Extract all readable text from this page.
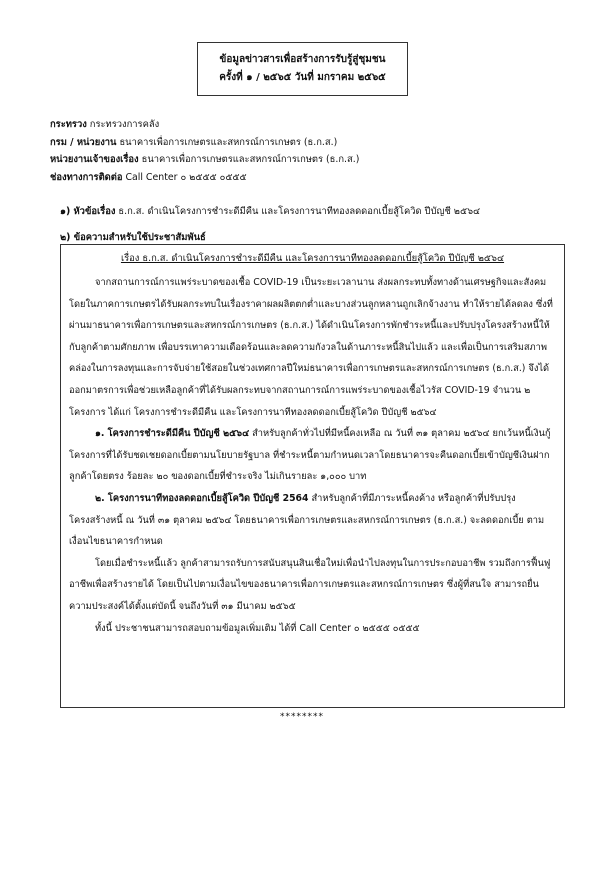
ข้อมูลข่าวสารเพื่อสร้างการรับรู้สู่ชุมชน
ครั้งที่ ๑ / ๒๕๖๕ วันที่ มกราคม ๒๕๖๕
กระทรวง กระทรวงการคลัง
กรม / หน่วยงาน ธนาคารเพื่อการเกษตรและสหกรณ์การเกษตร (ธ.ก.ส.)
หน่วยงานเจ้าของเรื่อง ธนาคารเพื่อการเกษตรและสหกรณ์การเกษตร (ธ.ก.ส.)
ช่องทางการติดต่อ Call Center ๐ ๒๕๕๕ ๐๕๕๕
๑) หัวข้อเรื่อง ธ.ก.ส. ดำเนินโครงการชำระดีมีคืน และโครงการนาทีทองลดดอกเบี้ยสู้โควิด ปีบัญชี ๒๕๖๔
๒) ข้อความสำหรับใช้ประชาสัมพันธ์
เรื่อง ธ.ก.ส. ดำเนินโครงการชำระดีมีคืน และโครงการนาทีทองลดดอกเบี้ยสู้โควิด ปีบัญชี ๒๕๖๔

จากสถานการณ์การแพร่ระบาดของเชื้อ COVID-19 เป็นระยะเวลานาน ส่งผลกระทบทั้งทางด้านเศรษฐกิจและสังคม โดยในภาคการเกษตรได้รับผลกระทบในเรื่องราคาผลผลิตตกต่ำและบางส่วนลูกหลานถูกเลิกจ้างงาน ทำให้รายได้ลดลง ซึ่งที่ผ่านมาธนาคารเพื่อการเกษตรและสหกรณ์การเกษตร (ธ.ก.ส.) ได้ดำเนินโครงการพักชำระหนี้และปรับปรุงโครงสร้างหนี้ให้กับลูกค้าตามศักยภาพ เพื่อบรรเทาความเดือดร้อนและลดความกังวลในด้านภาระหนี้สินไปแล้ว และเพื่อเป็นการเสริมสภาพคล่องในการลงทุนและการจับจ่ายใช้สอยในช่วงเทศกาลปีใหม่ธนาคารเพื่อการเกษตรและสหกรณ์การเกษตร (ธ.ก.ส.) จึงได้ออกมาตรการเพื่อช่วยเหลือลูกค้าที่ได้รับผลกระทบจากสถานการณ์การแพร่ระบาดของเชื้อไวรัส COVID-19 จำนวน ๒ โครงการ ได้แก่ โครงการชำระดีมีคืน และโครงการนาทีทองลดดอกเบี้ยสู้โควิด ปีบัญชี ๒๕๖๔

๑. โครงการชำระดีมีคืน ปีบัญชี ๒๕๖๔ สำหรับลูกค้าทั่วไปที่มีหนี้คงเหลือ ณ วันที่ ๓๑ ตุลาคม ๒๕๖๔ ยกเว้นหนี้เงินกู้โครงการที่ได้รับชดเชยดอกเบี้ยตามนโยบายรัฐบาล ที่ชำระหนี้ตามกำหนดเวลาโดยธนาคารจะคืนดอกเบี้ยเข้าบัญชีเงินฝากลูกค้าโดยตรง ร้อยละ ๒๐ ของดอกเบี้ยที่ชำระจริง ไม่เกินรายละ ๑,๐๐๐ บาท

๒. โครงการนาทีทองลดดอกเบี้ยสู้โควิด ปีบัญชี 2564 สำหรับลูกค้าที่มีภาระหนี้คงค้าง หรือลูกค้าที่ปรับปรุงโครงสร้างหนี้ ณ วันที่ ๓๑ ตุลาคม ๒๕๖๔ โดยธนาคารเพื่อการเกษตรและสหกรณ์การเกษตร (ธ.ก.ส.) จะลดดอกเบี้ย ตามเงื่อนไขธนาคารกำหนด

โดยเมื่อชำระหนี้แล้ว ลูกค้าสามารถรับการสนับสนุนสินเชื่อใหม่เพื่อนำไปลงทุนในการประกอบอาชีพ รวมถึงการฟื้นฟูอาชีพเพื่อสร้างรายได้ โดยเป็นไปตามเงื่อนไขของธนาคารเพื่อการเกษตรและสหกรณ์การเกษตร ซึ่งผู้ที่สนใจ สามารถยื่นความประสงค์ได้ตั้งแต่บัดนี้ จนถึงวันที่ ๓๑ มีนาคม ๒๕๖๕

ทั้งนี้ ประชาชนสามารถสอบถามข้อมูลเพิ่มเติม ได้ที่ Call Center ๐ ๒๕๕๕ ๐๕๕๕

********
